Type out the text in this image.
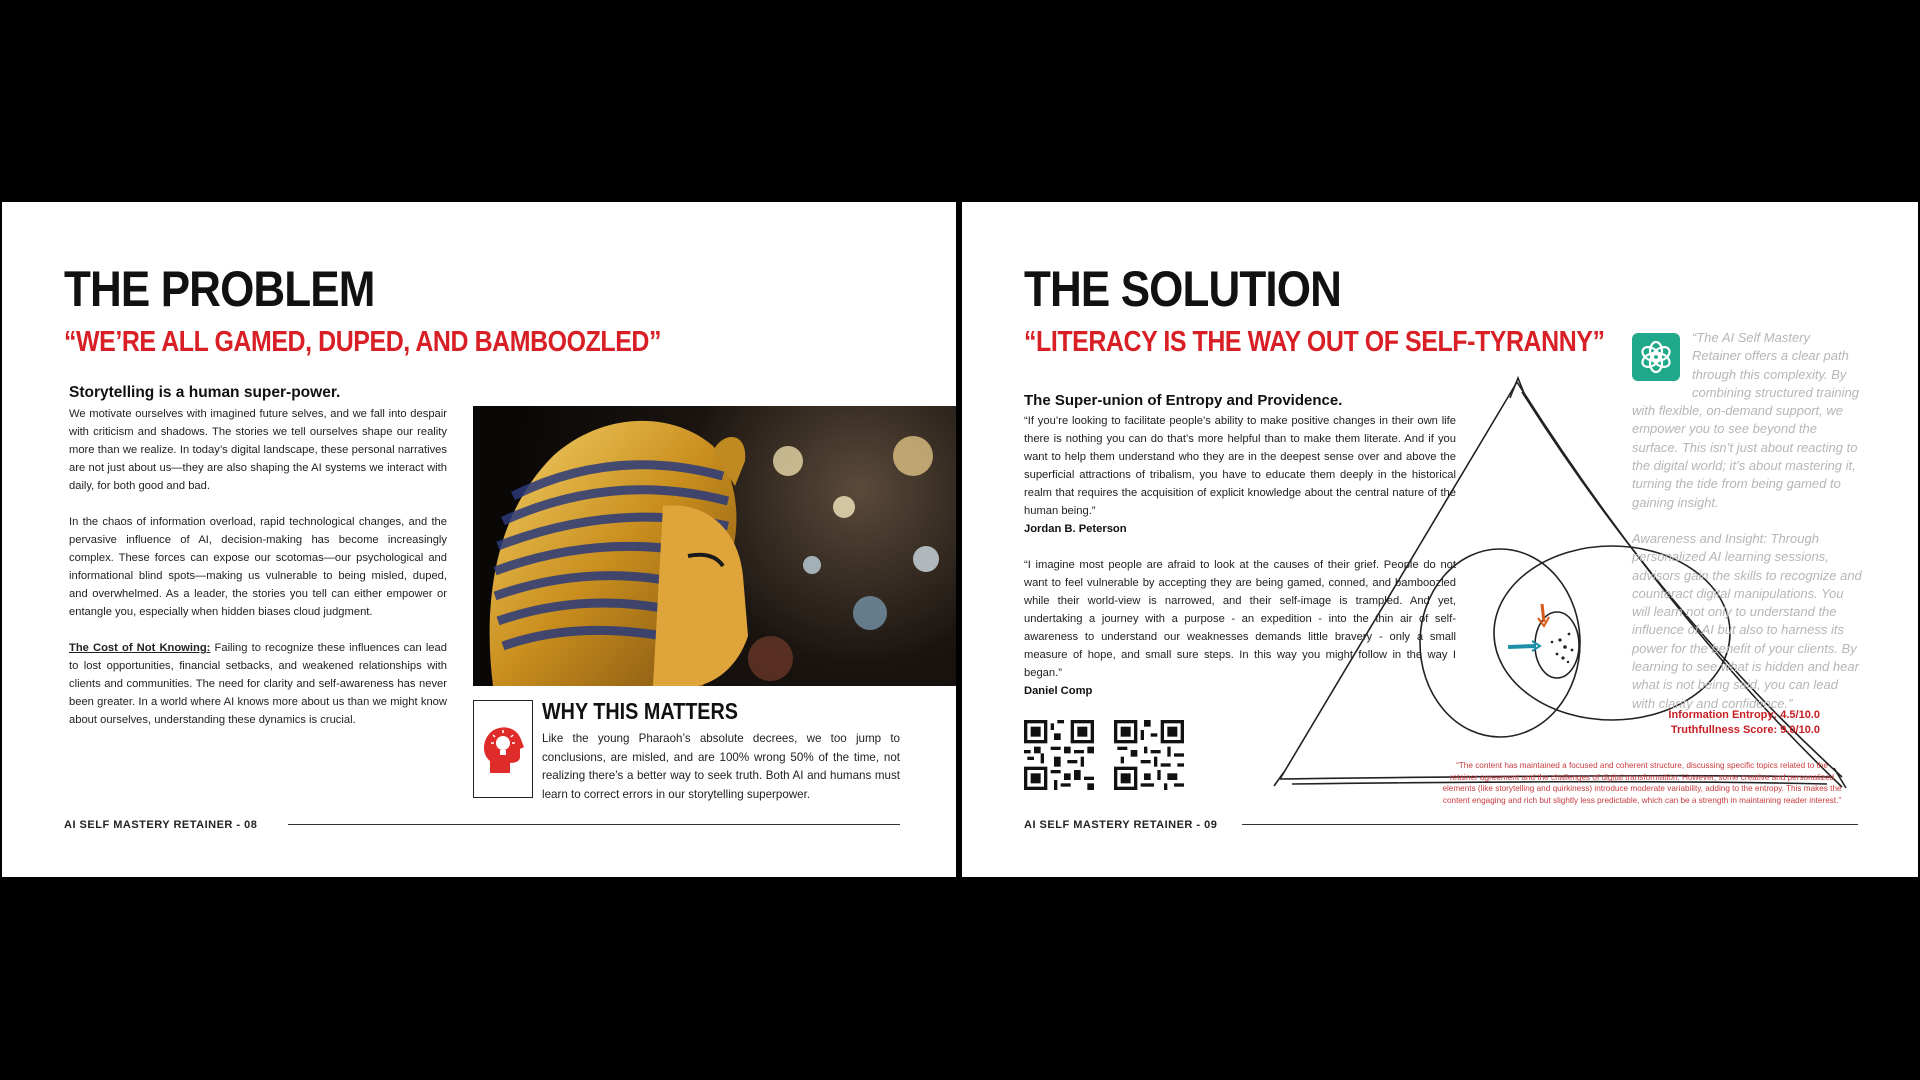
THE PROBLEM
“WE’RE ALL GAMED, DUPED, AND BAMBOOZLED”
Storytelling is a human super-power.

We motivate ourselves with imagined future selves, and we fall into despair with criticism and shadows. The stories we tell ourselves shape our reality more than we realize. In today’s digital landscape, these personal narratives are not just about us—they are also shaping the AI systems we interact with daily, for both good and bad.

In the chaos of information overload, rapid technological changes, and the pervasive influence of AI, decision-making has become increasingly complex. These forces can expose our scotomas—our psychological and informational blind spots—making us vulnerable to being misled, duped, and overwhelmed. As a leader, the stories you tell can either empower or entangle you, especially when hidden biases cloud judgment.

The Cost of Not Knowing: Failing to recognize these influences can lead to lost opportunities, financial setbacks, and weakened relationships with clients and communities. The need for clarity and self-awareness has never been greater. In a world where AI knows more about us than we might know about ourselves, understanding these dynamics is crucial.	WHY THIS MATTERS
Like the young Pharaoh’s absolute decrees, we too jump to conclusions, are misled, and are 100% wrong 50% of the time, not realizing there’s a better way to seek truth. Both AI and humans must learn to correct errors in our storytelling superpower.
AI SELF MASTERY RETAINER - 08
THE SOLUTION
“LITERACY IS THE WAY OUT OF SELF-TYRANNY”
The Super-union of Entropy and Providence.
“If you’re looking to facilitate people’s ability to make positive changes in their own life there is nothing you can do that’s more helpful than to make them literate. And if you want to help them understand who they are in the deepest sense over and above the superficial attractions of tribalism, you have to educate them deeply in the historical realm that requires the acquisition of explicit knowledge about the central nature of the human being.”
Jordan B. Peterson
“I imagine most people are afraid to look at the causes of their grief. People do not want to feel vulnerable by accepting they are being gamed, conned, and bamboozled while their world-view is narrowed, and their self-image is trampled. And yet, undertaking a journey with a purpose - an expedition - into the thin air of self-awareness to understand our weaknesses demands little bravery - only a small measure of hope, and small sure steps. In this way you might follow in the way I began.”
Daniel Comp

“The AI Self Mastery Retainer offers a clear path through this complexity. By combining structured training with flexible, on-demand support, we empower you to see beyond the surface. This isn’t just about reacting to the digital world; it’s about mastering it, turning the tide from being gamed to gaining insight.

Awareness and Insight: Through personalized AI learning sessions, advisors gain the skills to recognize and counteract digital manipulations. You will learn not only to understand the influence of AI but also to harness its power for the benefit of your clients. By learning to see what is hidden and hear what is not being said, you can lead with clarity and confidence.”

Information Entropy: 4.5/10.0
Truthfullness Score: 9.0/10.0
“The content has maintained a focused and coherent structure, discussing specific topics related to the retainer agreement and the challenges of digital transformation. However, some creative and personalized elements (like storytelling and quirkiness) introduce moderate variability, adding to the entropy. This makes the content engaging and rich but slightly less predictable, which can be a strength in maintaining reader interest.”
AI SELF MASTERY RETAINER - 09
